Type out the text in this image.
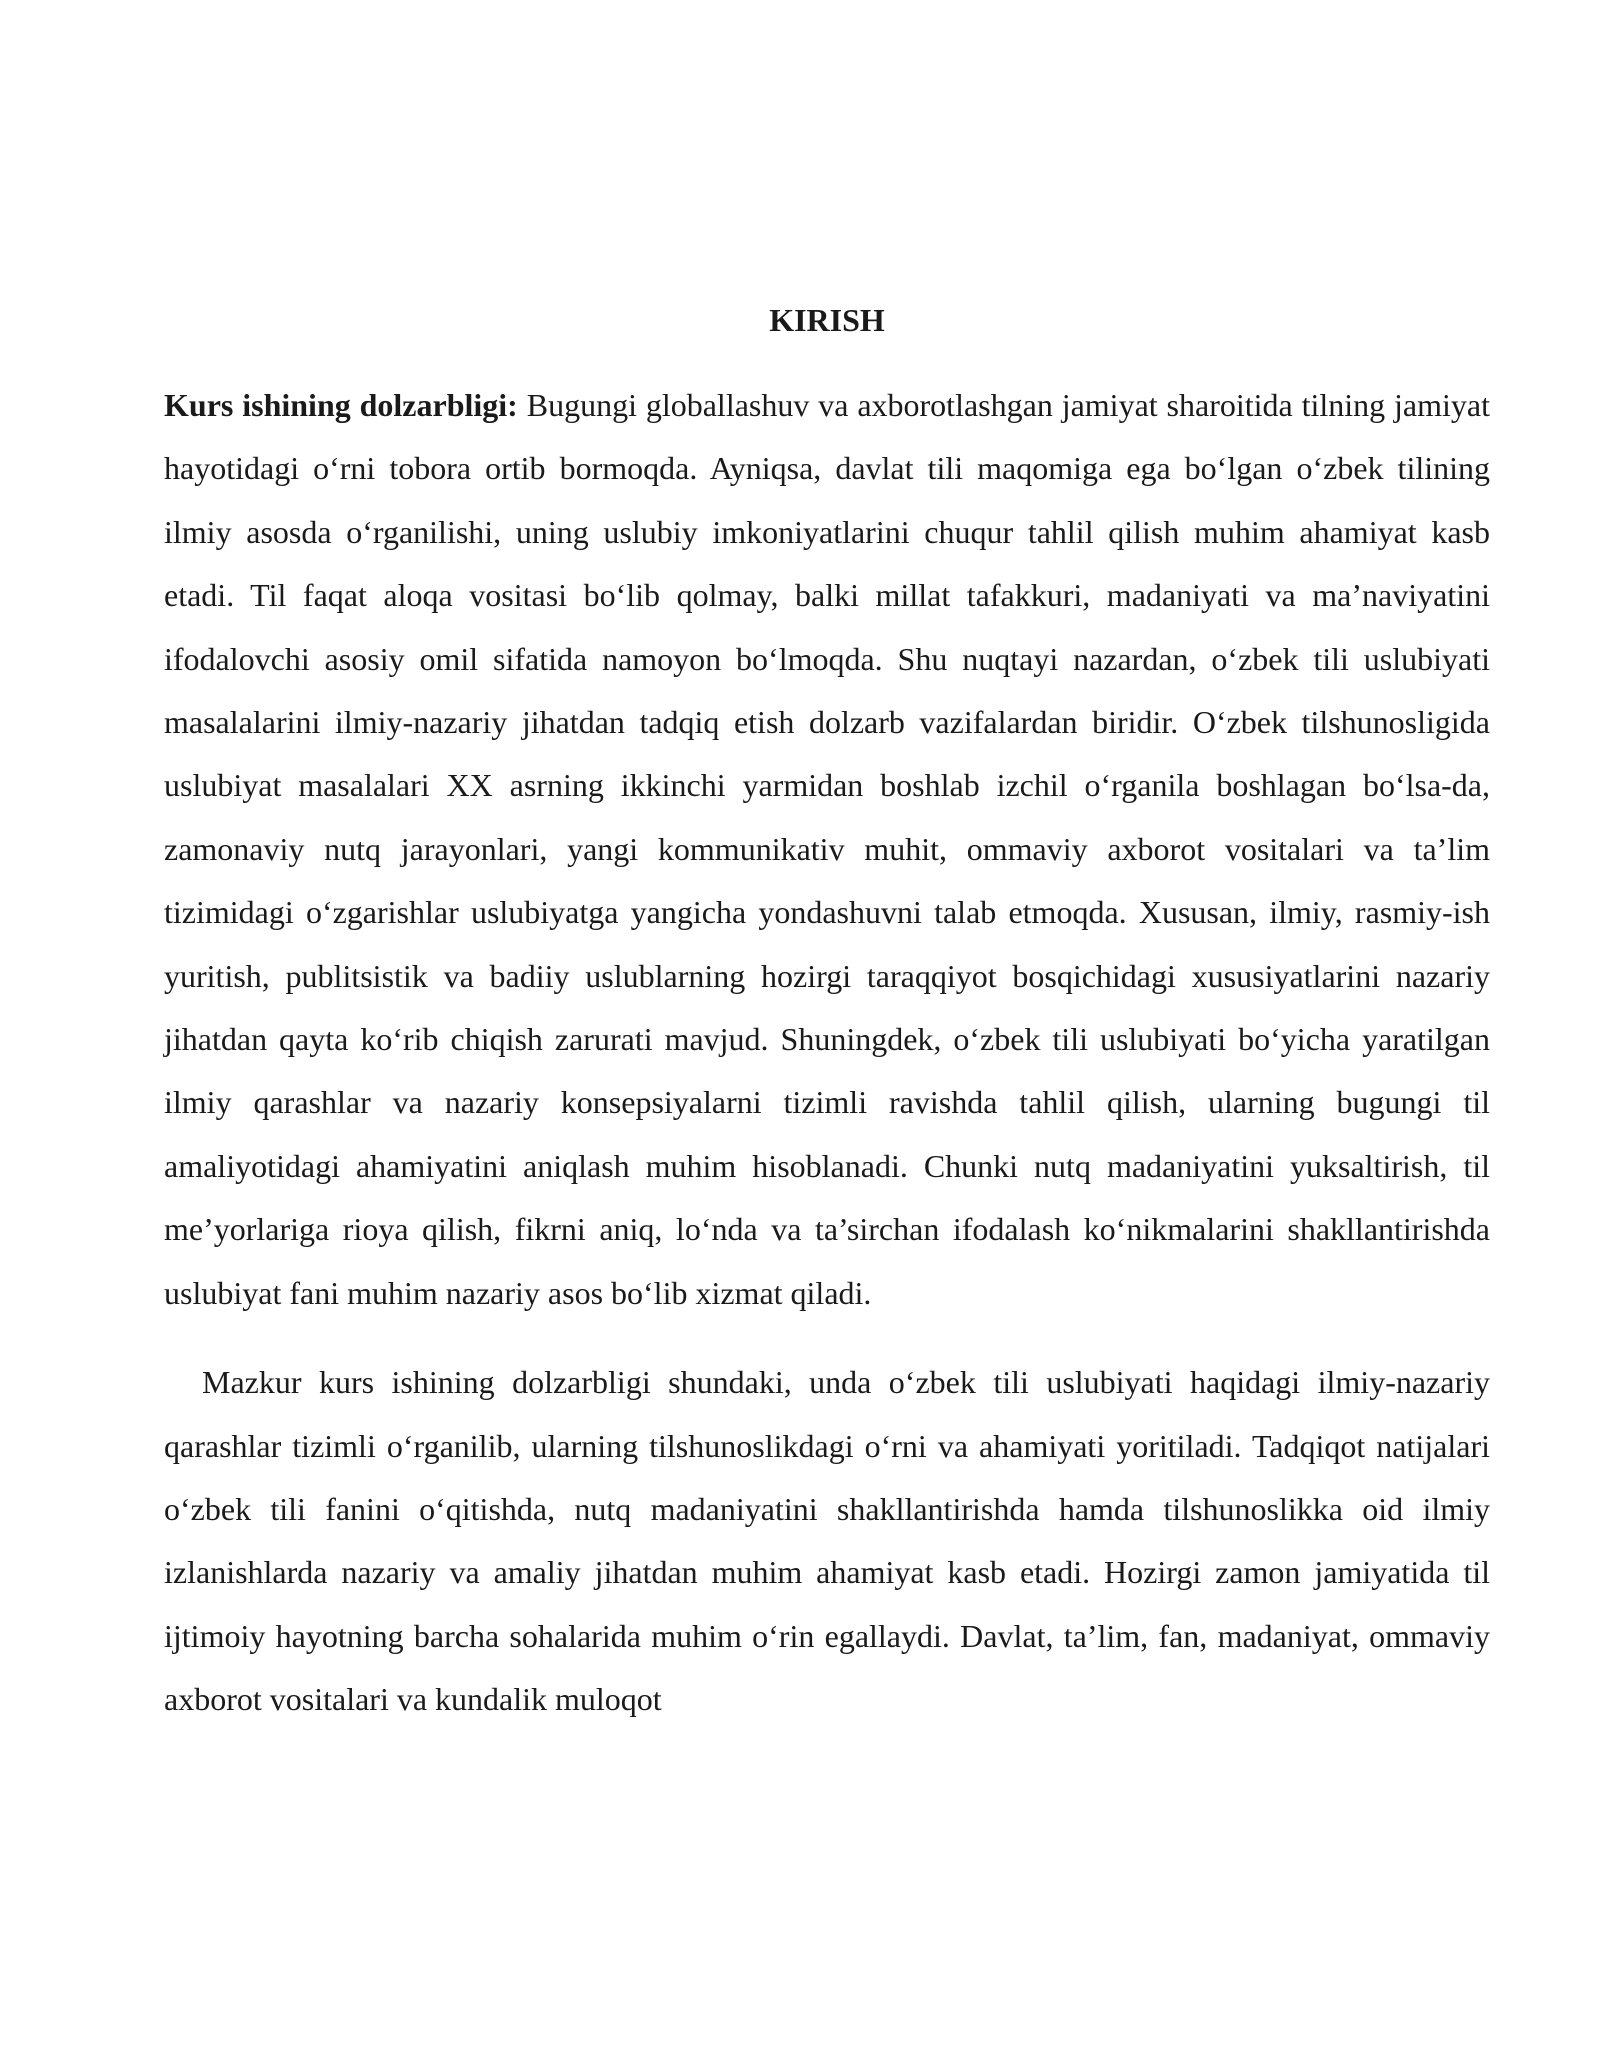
KIRISH

Kurs ishining dolzarbligi: Bugungi globallashuv va axborotlashgan jamiyat sharoitida tilning jamiyat hayotidagi o‘rni tobora ortib bormoqda. Ayniqsa, davlat tili maqomiga ega bo‘lgan o‘zbek tilining ilmiy asosda o‘rganilishi, uning uslubiy imkoniyatlarini chuqur tahlil qilish muhim ahamiyat kasb etadi. Til faqat aloqa vositasi bo‘lib qolmay, balki millat tafakkuri, madaniyati va ma’naviyatini ifodalovchi asosiy omil sifatida namoyon bo‘lmoqda. Shu nuqtayi nazardan, o‘zbek tili uslubiyati masalalarini ilmiy-nazariy jihatdan tadqiq etish dolzarb vazifalardan biridir. O‘zbek tilshunosligida uslubiyat masalalari XX asrning ikkinchi yarmidan boshlab izchil o‘rganila boshlagan bo‘lsa-da, zamonaviy nutq jarayonlari, yangi kommunikativ muhit, ommaviy axborot vositalari va ta’lim tizimidagi o‘zgarishlar uslubiyatga yangicha yondashuvni talab etmoqda. Xususan, ilmiy, rasmiy-ish yuritish, publitsistik va badiiy uslublarning hozirgi taraqqiyot bosqichidagi xususiyatlarini nazariy jihatdan qayta ko‘rib chiqish zarurati mavjud. Shuningdek, o‘zbek tili uslubiyati bo‘yicha yaratilgan ilmiy qarashlar va nazariy konsepsiyalarni tizimli ravishda tahlil qilish, ularning bugungi til amaliyotidagi ahamiyatini aniqlash muhim hisoblanadi. Chunki nutq madaniyatini yuksaltirish, til me’yorlariga rioya qilish, fikrni aniq, lo‘nda va ta’sirchan ifodalash ko‘nikmalarini shakllantirishda uslubiyat fani muhim nazariy asos bo‘lib xizmat qiladi.

Mazkur kurs ishining dolzarbligi shundaki, unda o‘zbek tili uslubiyati haqidagi ilmiy-nazariy qarashlar tizimli o‘rganilib, ularning tilshunoslikdagi o‘rni va ahamiyati yoritiladi. Tadqiqot natijalari o‘zbek tili fanini o‘qitishda, nutq madaniyatini shakllantirishda hamda tilshunoslikka oid ilmiy izlanishlarda nazariy va amaliy jihatdan muhim ahamiyat kasb etadi. Hozirgi zamon jamiyatida til ijtimoiy hayotning barcha sohalarida muhim o‘rin egallaydi. Davlat, ta’lim, fan, madaniyat, ommaviy axborot vositalari va kundalik muloqot
